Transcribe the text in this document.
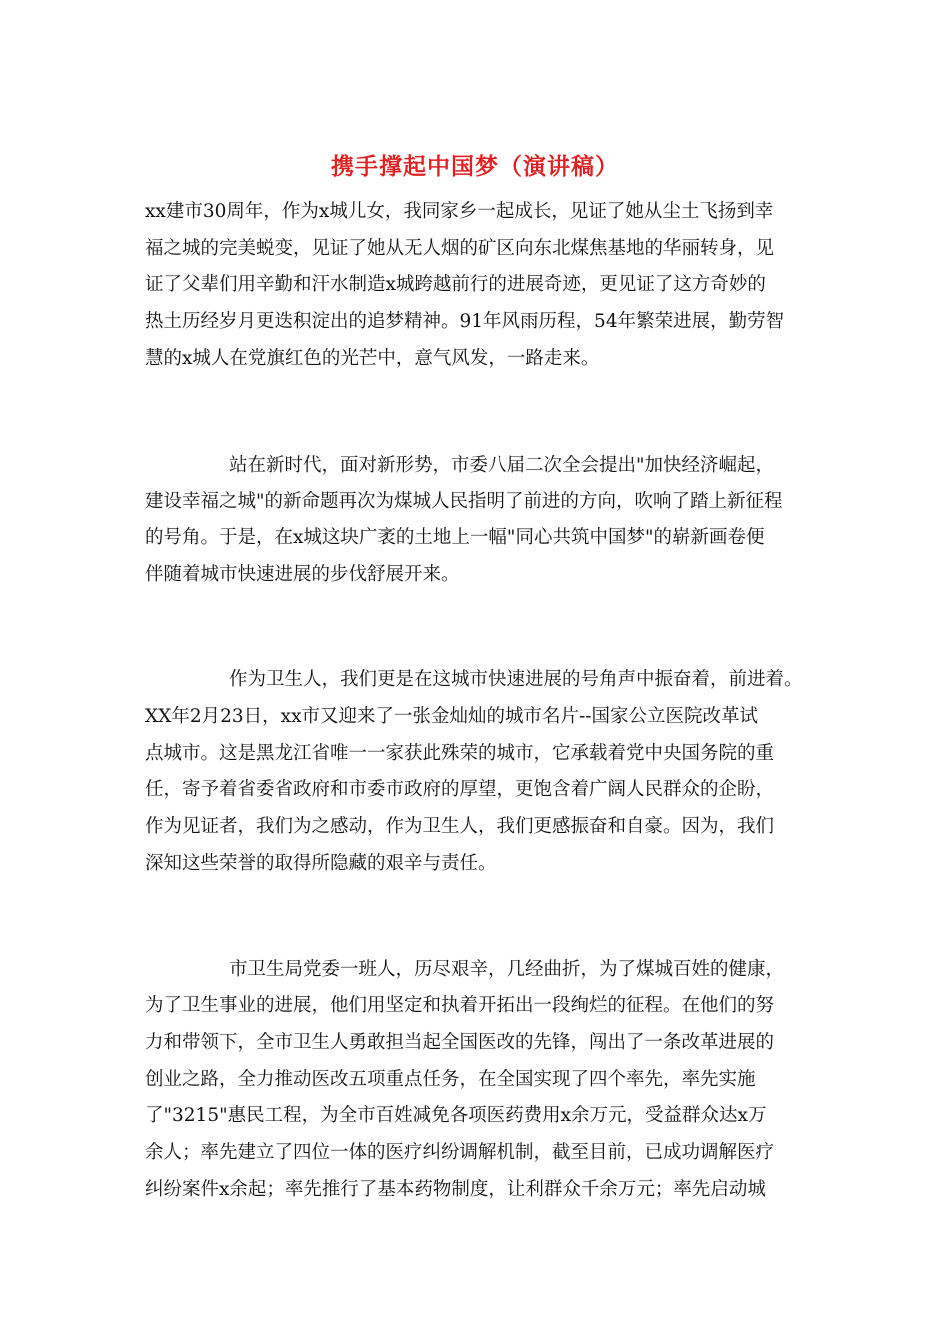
携手撑起中国梦（演讲稿）
xx建市30周年，作为x城儿女，我同家乡一起成长，见证了她从尘土飞扬到幸
福之城的完美蜕变，见证了她从无人烟的矿区向东北煤焦基地的华丽转身，见
证了父辈们用辛勤和汗水制造x城跨越前行的进展奇迹，更见证了这方奇妙的
热土历经岁月更迭积淀出的追梦精神。91年风雨历程，54年繁荣进展，勤劳智
慧的x城人在党旗红色的光芒中，意气风发，一路走来。
站在新时代，面对新形势，市委八届二次全会提出"加快经济崛起，
建设幸福之城"的新命题再次为煤城人民指明了前进的方向，吹响了踏上新征程
的号角。于是，在x城这块广袤的土地上一幅"同心共筑中国梦"的崭新画卷便
伴随着城市快速进展的步伐舒展开来。
作为卫生人，我们更是在这城市快速进展的号角声中振奋着，前进着。
XX年2月23日，xx市又迎来了一张金灿灿的城市名片--国家公立医院改革试
点城市。这是黑龙江省唯一一家获此殊荣的城市，它承载着党中央国务院的重
任，寄予着省委省政府和市委市政府的厚望，更饱含着广阔人民群众的企盼，
作为见证者，我们为之感动，作为卫生人，我们更感振奋和自豪。因为，我们
深知这些荣誉的取得所隐藏的艰辛与责任。
市卫生局党委一班人，历尽艰辛，几经曲折，为了煤城百姓的健康，
为了卫生事业的进展，他们用坚定和执着开拓出一段绚烂的征程。在他们的努
力和带领下，全市卫生人勇敢担当起全国医改的先锋，闯出了一条改革进展的
创业之路，全力推动医改五项重点任务，在全国实现了四个率先，率先实施
了"3215"惠民工程，为全市百姓减免各项医药费用x余万元，受益群众达x万
余人；率先建立了四位一体的医疗纠纷调解机制，截至目前，已成功调解医疗
纠纷案件x余起；率先推行了基本药物制度，让利群众千余万元；率先启动城
